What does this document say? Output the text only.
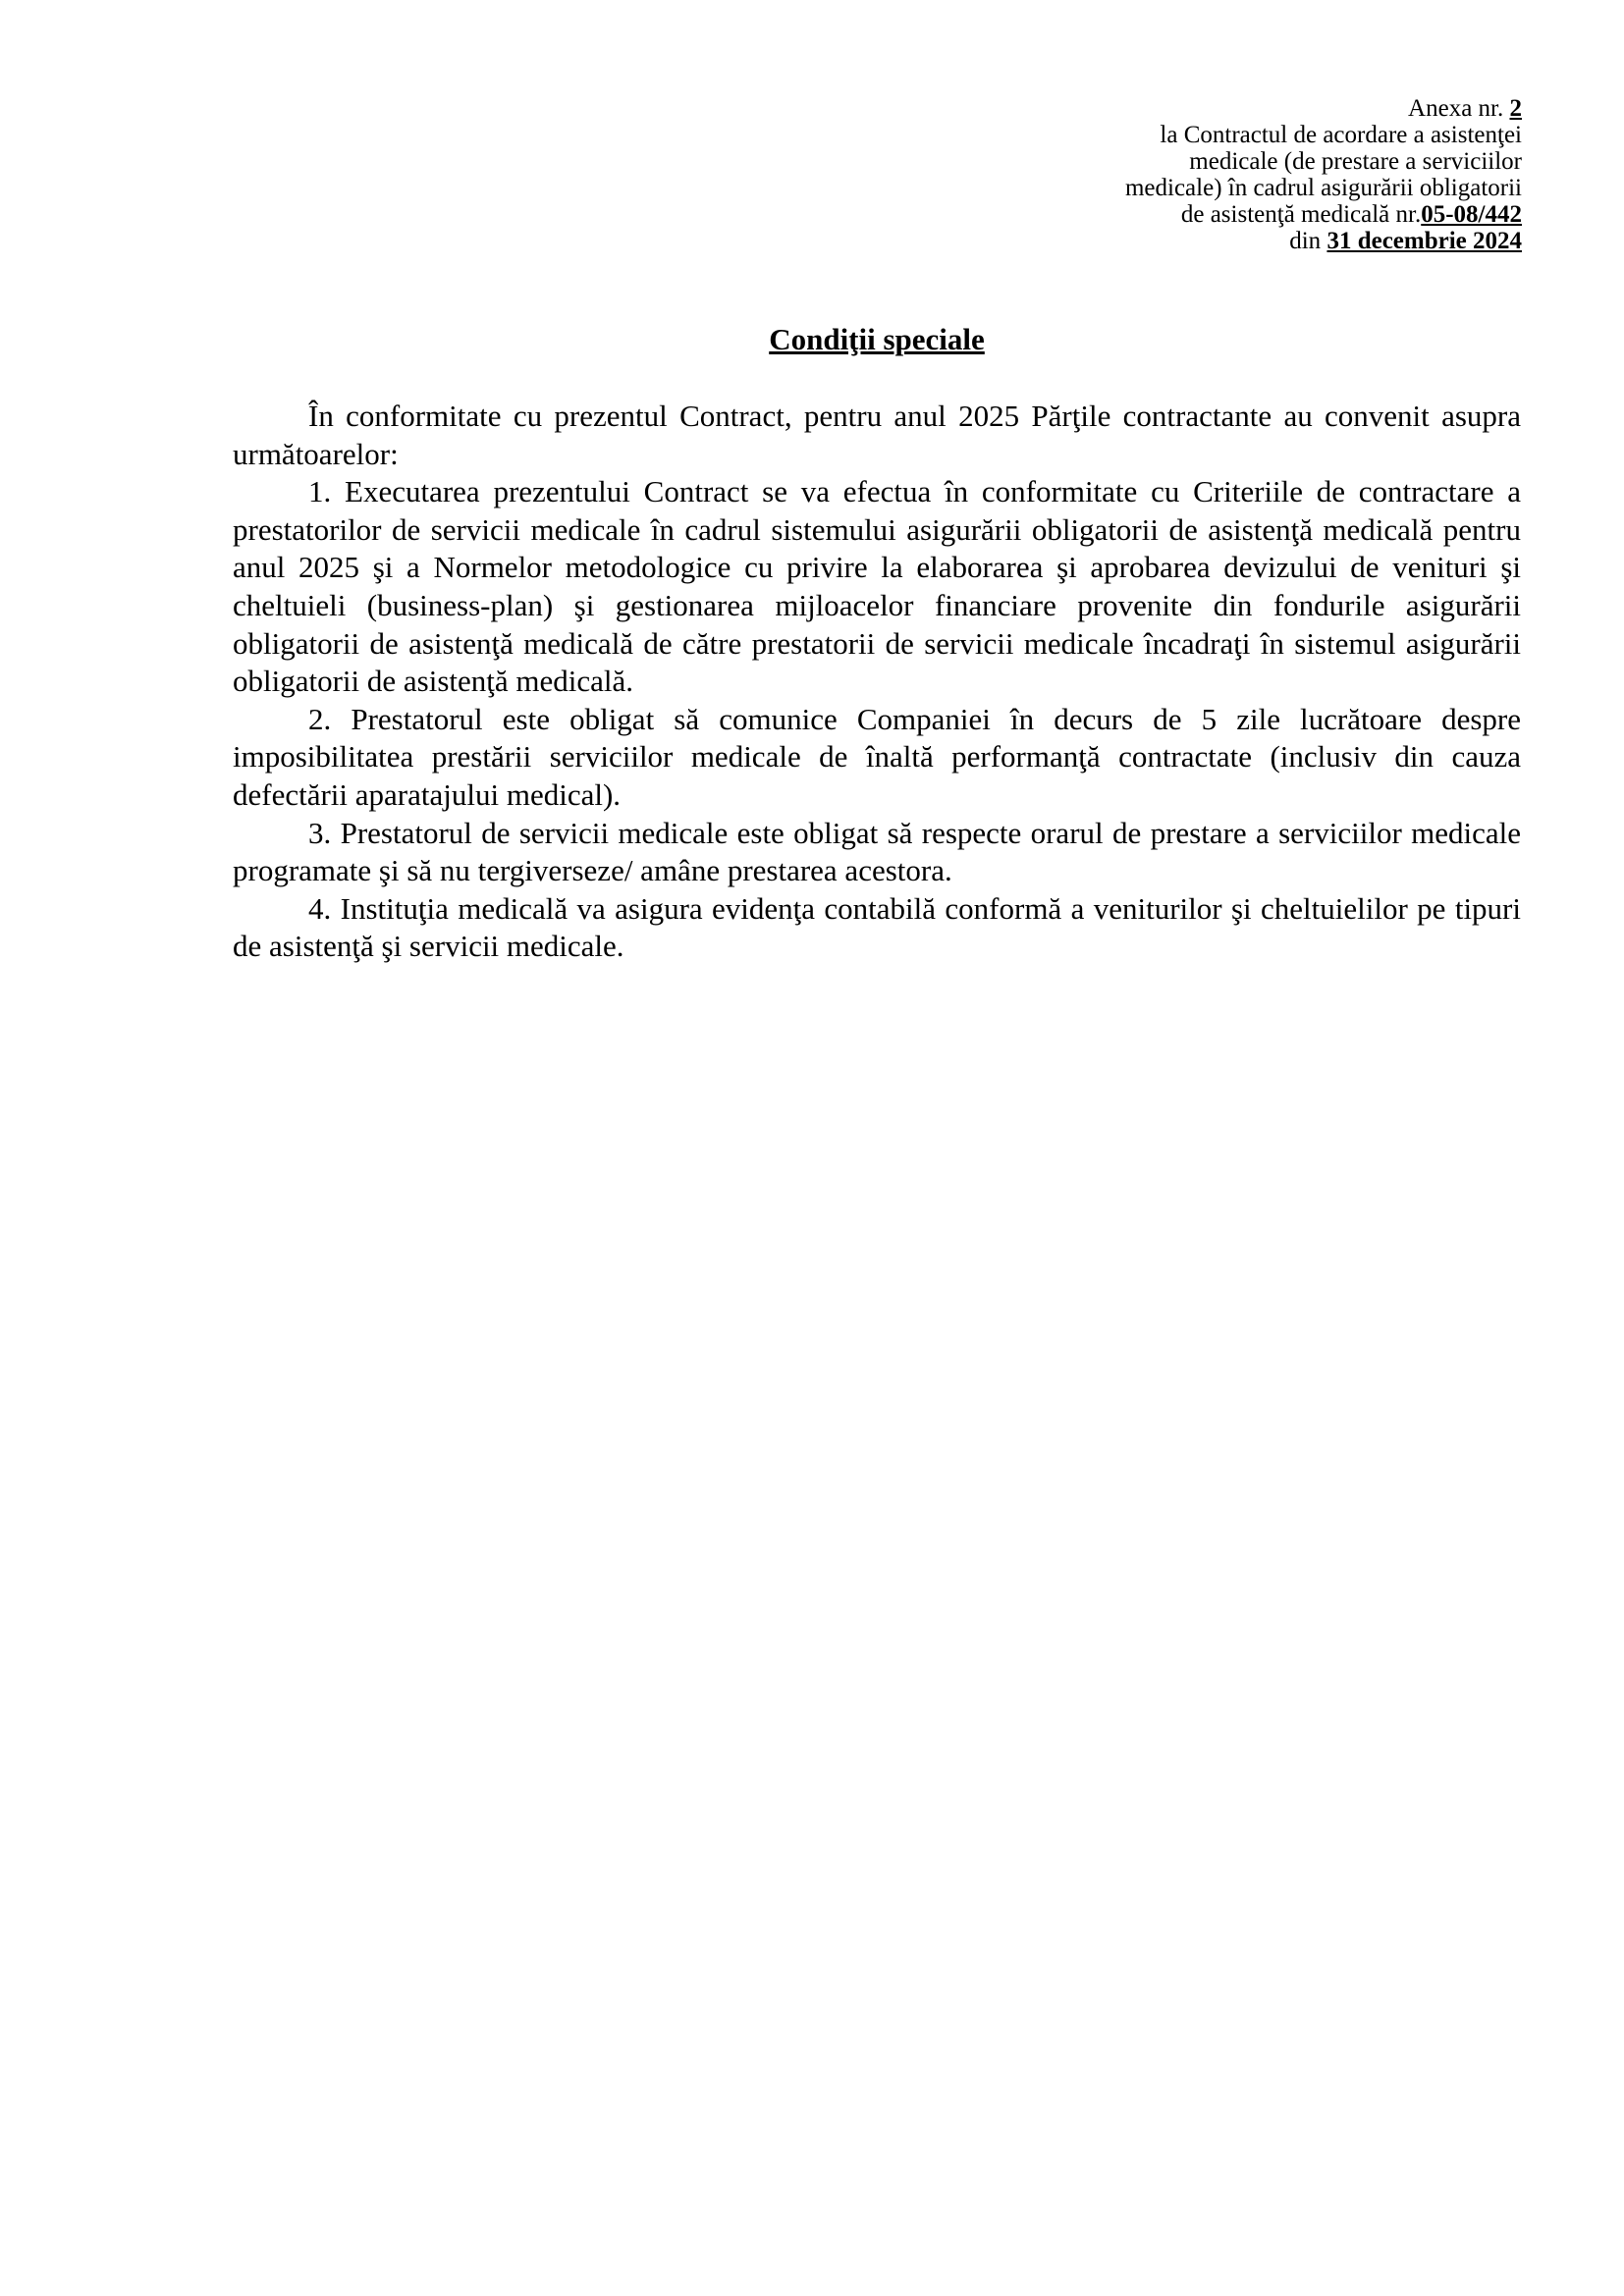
Anexa nr. 2
la Contractul de acordare a asistenţei
medicale (de prestare a serviciilor
medicale) în cadrul asigurării obligatorii
de asistenţă medicală nr.05-08/442
din 31 decembrie 2024
Condiţii speciale

În conformitate cu prezentul Contract, pentru anul 2025 Părţile contractante au convenit asupra următoarelor:

1. Executarea prezentului Contract se va efectua în conformitate cu Criteriile de contractare a prestatorilor de servicii medicale în cadrul sistemului asigurării obligatorii de asistenţă medicală pentru anul 2025 şi a Normelor metodologice cu privire la elaborarea şi aprobarea devizului de venituri şi cheltuieli (business-plan) şi gestionarea mijloacelor financiare provenite din fondurile asigurării obligatorii de asistenţă medicală de către prestatorii de servicii medicale încadraţi în sistemul asigurării obligatorii de asistenţă medicală.

2. Prestatorul este obligat să comunice Companiei în decurs de 5 zile lucrătoare despre imposibilitatea prestării serviciilor medicale de înaltă performanţă contractate (inclusiv din cauza defectării aparatajului medical).

3. Prestatorul de servicii medicale este obligat să respecte orarul de prestare a serviciilor medicale programate şi să nu tergiverseze/ amâne prestarea acestora.

4. Instituţia medicală va asigura evidenţa contabilă conformă a veniturilor şi cheltuielilor pe tipuri de asistenţă şi servicii medicale.
